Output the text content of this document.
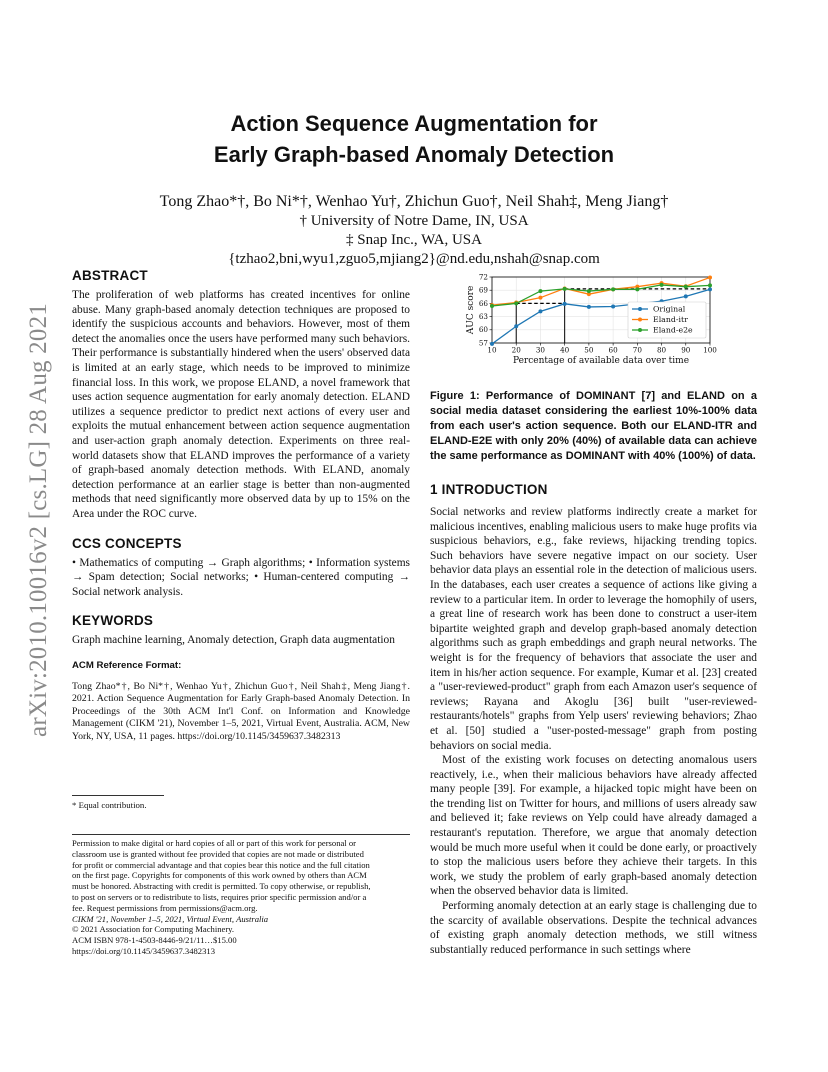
arXiv:2010.10016v2 [cs.LG] 28 Aug 2021
Action Sequence Augmentation for
Early Graph-based Anomaly Detection
Tong Zhao*†, Bo Ni*†, Wenhao Yu†, Zhichun Guo†, Neil Shah‡, Meng Jiang†
† University of Notre Dame, IN, USA
‡ Snap Inc., WA, USA
{tzhao2,bni,wyu1,zguo5,mjiang2}@nd.edu,nshah@snap.com
ABSTRACT

The proliferation of web platforms has created incentives for online abuse. Many graph-based anomaly detection techniques are proposed to identify the suspicious accounts and behaviors. However, most of them detect the anomalies once the users have performed many such behaviors. Their performance is substantially hindered when the users' observed data is limited at an early stage, which needs to be improved to minimize financial loss. In this work, we propose ELAND, a novel framework that uses action sequence augmentation for early anomaly detection. ELAND utilizes a sequence predictor to predict next actions of every user and exploits the mutual enhancement between action sequence augmentation and user-action graph anomaly detection. Experiments on three real-world datasets show that ELAND improves the performance of a variety of graph-based anomaly detection methods. With ELAND, anomaly detection performance at an earlier stage is better than non-augmented methods that need significantly more observed data by up to 15% on the Area under the ROC curve.

CCS CONCEPTS

• Mathematics of computing → Graph algorithms; • Information systems → Spam detection; Social networks; • Human-centered computing → Social network analysis.

KEYWORDS

Graph machine learning, Anomaly detection, Graph data augmentation

ACM Reference Format:

Tong Zhao*†, Bo Ni*†, Wenhao Yu†, Zhichun Guo†, Neil Shah‡, Meng Jiang†. 2021. Action Sequence Augmentation for Early Graph-based Anomaly Detection. In Proceedings of the 30th ACM Int'l Conf. on Information and Knowledge Management (CIKM '21), November 1–5, 2021, Virtual Event, Australia. ACM, New York, NY, USA, 11 pages. https://doi.org/10.1145/3459637.3482313

* Equal contribution.
Permission to make digital or hard copies of all or part of this work for personal or
classroom use is granted without fee provided that copies are not made or distributed
for profit or commercial advantage and that copies bear this notice and the full citation
on the first page. Copyrights for components of this work owned by others than ACM
must be honored. Abstracting with credit is permitted. To copy otherwise, or republish,
to post on servers or to redistribute to lists, requires prior specific permission and/or a
fee. Request permissions from permissions@acm.org.
CIKM '21, November 1–5, 2021, Virtual Event, Australia
© 2021 Association for Computing Machinery.
ACM ISBN 978-1-4503-8446-9/21/11…$15.00
https://doi.org/10.1145/3459637.3482313
10 20 30 40 50 60 70 80 90 100
57
60
63
66
69
72
Percentage of available data over time
AUC score	Original
Eland-itr
Eland-e2e

Figure 1: Performance of DOMINANT [7] and ELAND on a social media dataset considering the earliest 10%-100% data from each user's action sequence. Both our ELAND-ITR and ELAND-E2E with only 20% (40%) of available data can achieve the same performance as DOMINANT with 40% (100%) of data.

1 INTRODUCTION

Social networks and review platforms indirectly create a market for malicious incentives, enabling malicious users to make huge profits via suspicious behaviors, e.g., fake reviews, hijacking trending topics. Such behaviors have severe negative impact on our society. User behavior data plays an essential role in the detection of malicious users. In the databases, each user creates a sequence of actions like giving a review to a particular item. In order to leverage the homophily of users, a great line of research work has been done to construct a user-item bipartite weighted graph and develop graph-based anomaly detection algorithms such as graph embeddings and graph neural networks. The weight is for the frequency of behaviors that associate the user and item in his/her action sequence. For example, Kumar et al. [23] created a "user-reviewed-product" graph from each Amazon user's sequence of reviews; Rayana and Akoglu [36] built "user-reviewed-restaurants/hotels" graphs from Yelp users' reviewing behaviors; Zhao et al. [50] studied a "user-posted-message" graph from posting behaviors on social media.

Most of the existing work focuses on detecting anomalous users reactively, i.e., when their malicious behaviors have already affected many people [39]. For example, a hijacked topic might have been on the trending list on Twitter for hours, and millions of users already saw and believed it; fake reviews on Yelp could have already damaged a restaurant's reputation. Therefore, we argue that anomaly detection would be much more useful when it could be done early, or proactively to stop the malicious users before they achieve their targets. In this work, we study the problem of early graph-based anomaly detection when the observed behavior data is limited.

Performing anomaly detection at an early stage is challenging due to the scarcity of available observations. Despite the technical advances of existing graph anomaly detection methods, we still witness substantially reduced performance in such settings where
